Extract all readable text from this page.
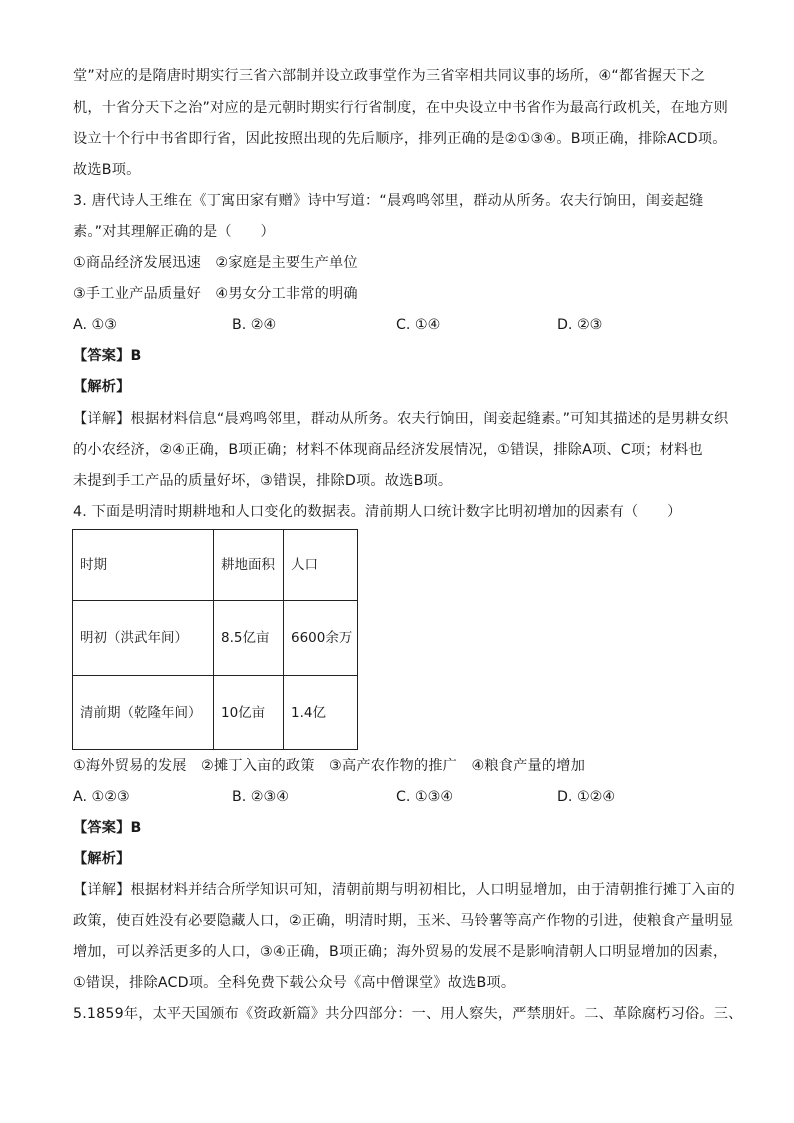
堂”对应的是隋唐时期实行三省六部制并设立政事堂作为三省宰相共同议事的场所，④“都省握天下之
机，十省分天下之治”对应的是元朝时期实行行省制度，在中央设立中书省作为最高行政机关，在地方则
设立十个行中书省即行省，因此按照出现的先后顺序，排列正确的是②①③④。B项正确，排除ACD项。
故选B项。
3. 唐代诗人王维在《丁寓田家有赠》诗中写道：“晨鸡鸣邻里，群动从所务。农夫行饷田，闺妾起缝
素。”对其理解正确的是（　　）
①商品经济发展迅速　②家庭是主要生产单位
③手工业产品质量好　④男女分工非常的明确
A. ①③	B. ②④	C. ①④	D. ②③
【答案】B
【解析】
【详解】根据材料信息“晨鸡鸣邻里，群动从所务。农夫行饷田，闺妾起缝素。”可知其描述的是男耕女织
的小农经济，②④正确，B项正确；材料不体现商品经济发展情况，①错误，排除A项、C项；材料也
未提到手工产品的质量好坏，③错误，排除D项。故选B项。
4. 下面是明清时期耕地和人口变化的数据表。清前期人口统计数字比明初增加的因素有（　　）
时期	耕地面积	人口
明初（洪武年间）	8.5亿亩	6600余万
清前期（乾隆年间）	10亿亩	1.4亿
①海外贸易的发展　②摊丁入亩的政策　③高产农作物的推广　④粮食产量的增加
A. ①②③	B. ②③④	C. ①③④	D. ①②④
【答案】B
【解析】
【详解】根据材料并结合所学知识可知，清朝前期与明初相比，人口明显增加，由于清朝推行摊丁入亩的
政策，使百姓没有必要隐藏人口，②正确，明清时期，玉米、马铃薯等高产作物的引进，使粮食产量明显
增加，可以养活更多的人口，③④正确，B项正确；海外贸易的发展不是影响清朝人口明显增加的因素，
①错误，排除ACD项。全科免费下载公众号《高中僧课堂》故选B项。
5.1859年，太平天国颁布《资政新篇》共分四部分：一、用人察失，严禁朋奸。二、革除腐朽习俗。三、
